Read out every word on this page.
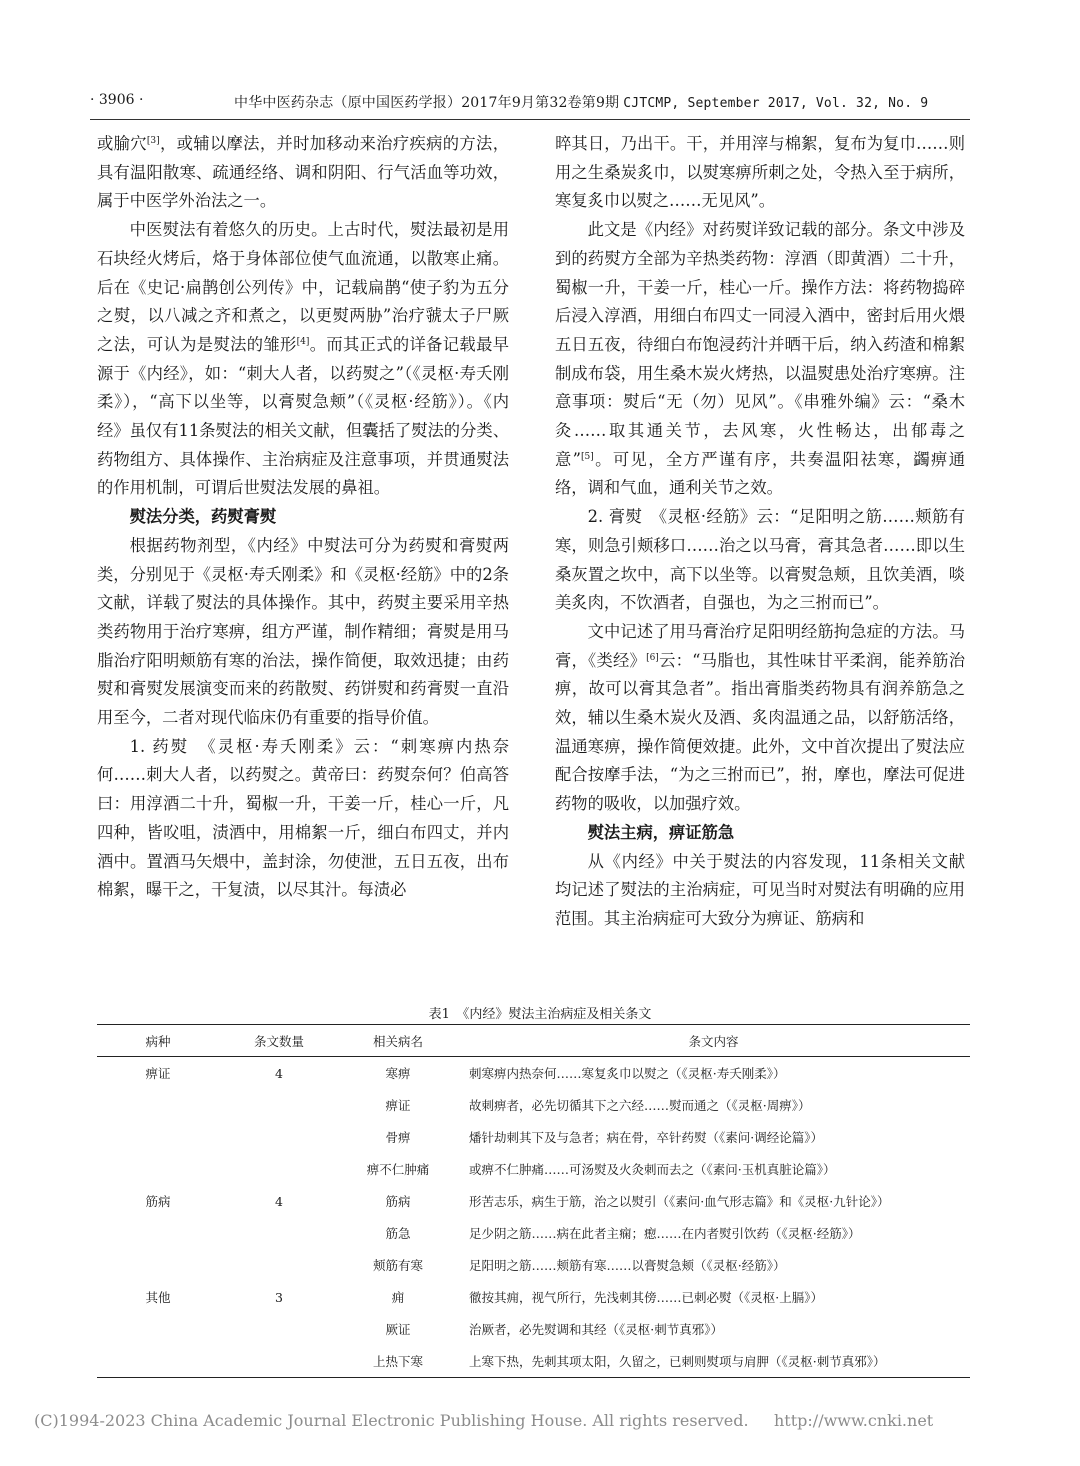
· 3906 ·	中华中医药杂志（原中国医药学报）2017年9月第32卷第9期 CJTCMP, September 2017, Vol. 32, No. 9

或腧穴[3]，或辅以摩法，并时加移动来治疗疾病的方法，具有温阳散寒、疏通经络、调和阴阳、行气活血等功效，属于中医学外治法之一。

中医熨法有着悠久的历史。上古时代，熨法最初是用石块经火烤后，烙于身体部位使气血流通，以散寒止痛。后在《史记·扁鹊创公列传》中，记载扁鹊“使子豹为五分之熨，以八减之齐和煮之，以更熨两胁”治疗虢太子尸厥之法，可认为是熨法的雏形[4]。而其正式的详备记载最早源于《内经》，如：“刺大人者，以药熨之”（《灵枢·寿夭刚柔》），“高下以坐等，以膏熨急颊”（《灵枢·经筋》）。《内经》虽仅有11条熨法的相关文献，但囊括了熨法的分类、药物组方、具体操作、主治病症及注意事项，并贯通熨法的作用机制，可谓后世熨法发展的鼻祖。

熨法分类，药熨膏熨

根据药物剂型，《内经》中熨法可分为药熨和膏熨两类，分别见于《灵枢·寿夭刚柔》和《灵枢·经筋》中的2条文献，详载了熨法的具体操作。其中，药熨主要采用辛热类药物用于治疗寒痹，组方严谨，制作精细；膏熨是用马脂治疗阳明颊筋有寒的治法，操作简便，取效迅捷；由药熨和膏熨发展演变而来的药散熨、药饼熨和药膏熨一直沿用至今，二者对现代临床仍有重要的指导价值。

1. 药熨　《灵枢·寿夭刚柔》云：“刺寒痹内热奈何……刺大人者，以药熨之。黄帝曰：药熨奈何？伯高答曰：用淳酒二十升，蜀椒一升，干姜一斤，桂心一斤，凡四种，皆㕮咀，渍酒中，用棉絮一斤，细白布四丈，并内酒中。置酒马矢煨中，盖封涂，勿使泄，五日五夜，出布棉絮，曝干之，干复渍，以尽其汁。每渍必

晬其日，乃出干。干，并用滓与棉絮，复布为复巾……则用之生桑炭炙巾，以熨寒痹所刺之处，令热入至于病所，寒复炙巾以熨之……无见风”。

此文是《内经》对药熨详致记载的部分。条文中涉及到的药熨方全部为辛热类药物：淳酒（即黄酒）二十升，蜀椒一升，干姜一斤，桂心一斤。操作方法：将药物捣碎后浸入淳酒，用细白布四丈一同浸入酒中，密封后用火煨五日五夜，待细白布饱浸药汁并晒干后，纳入药渣和棉絮制成布袋，用生桑木炭火烤热，以温熨患处治疗寒痹。注意事项：熨后“无（勿）见风”。《串雅外编》云：“桑木灸……取其通关节，去风寒，火性畅达，出郁毒之意”[5]。可见，全方严谨有序，共奏温阳祛寒，蠲痹通络，调和气血，通利关节之效。

2. 膏熨　《灵枢·经筋》云：“足阳明之筋……颊筋有寒，则急引颊移口……治之以马膏，膏其急者……即以生桑灰置之坎中，高下以坐等。以膏熨急颊，且饮美酒，啖美炙肉，不饮酒者，自强也，为之三拊而已”。

文中记述了用马膏治疗足阳明经筋拘急症的方法。马膏，《类经》[6]云：“马脂也，其性味甘平柔润，能养筋治痹，故可以膏其急者”。指出膏脂类药物具有润养筋急之效，辅以生桑木炭火及酒、炙肉温通之品，以舒筋活络，温通寒痹，操作简便效捷。此外，文中首次提出了熨法应配合按摩手法，“为之三拊而已”，拊，摩也，摩法可促进药物的吸收，以加强疗效。

熨法主病，痹证筋急

从《内经》中关于熨法的内容发现，11条相关文献均记述了熨法的主治病症，可见当时对熨法有明确的应用范围。其主治病症可大致分为痹证、筋病和

表1　《内经》熨法主治病症及相关条文
病种	条文数量	相关病名	条文内容
痹证	4	寒痹	刺寒痹内热奈何……寒复炙巾以熨之（《灵枢·寿夭刚柔》）
		痹证	故刺痹者，必先切循其下之六经……熨而通之（《灵枢·周痹》）
		骨痹	燔针劫刺其下及与急者；病在骨，卒针药熨（《素问·调经论篇》）
		痹不仁肿痛	或痹不仁肿痛……可汤熨及火灸刺而去之（《素问·玉机真脏论篇》）
筋病	4	筋病	形苦志乐，病生于筋，治之以熨引（《素问·血气形志篇》和《灵枢·九针论》）
		筋急	足少阴之筋……病在此者主痫；瘛……在内者熨引饮药（《灵枢·经筋》）
		颊筋有寒	足阳明之筋……颊筋有寒……以膏熨急颊（《灵枢·经筋》）
其他	3	痈	徹按其痈，视气所行，先浅刺其傍……已刺必熨（《灵枢·上膈》）
		厥证	治厥者，必先熨调和其经（《灵枢·刺节真邪》）
		上热下寒	上寒下热，先刺其项太阳，久留之，已刺则熨项与肩胛（《灵枢·刺节真邪》）
(C)1994-2023 China Academic Journal Electronic Publishing House. All rights reserved. http://www.cnki.net
